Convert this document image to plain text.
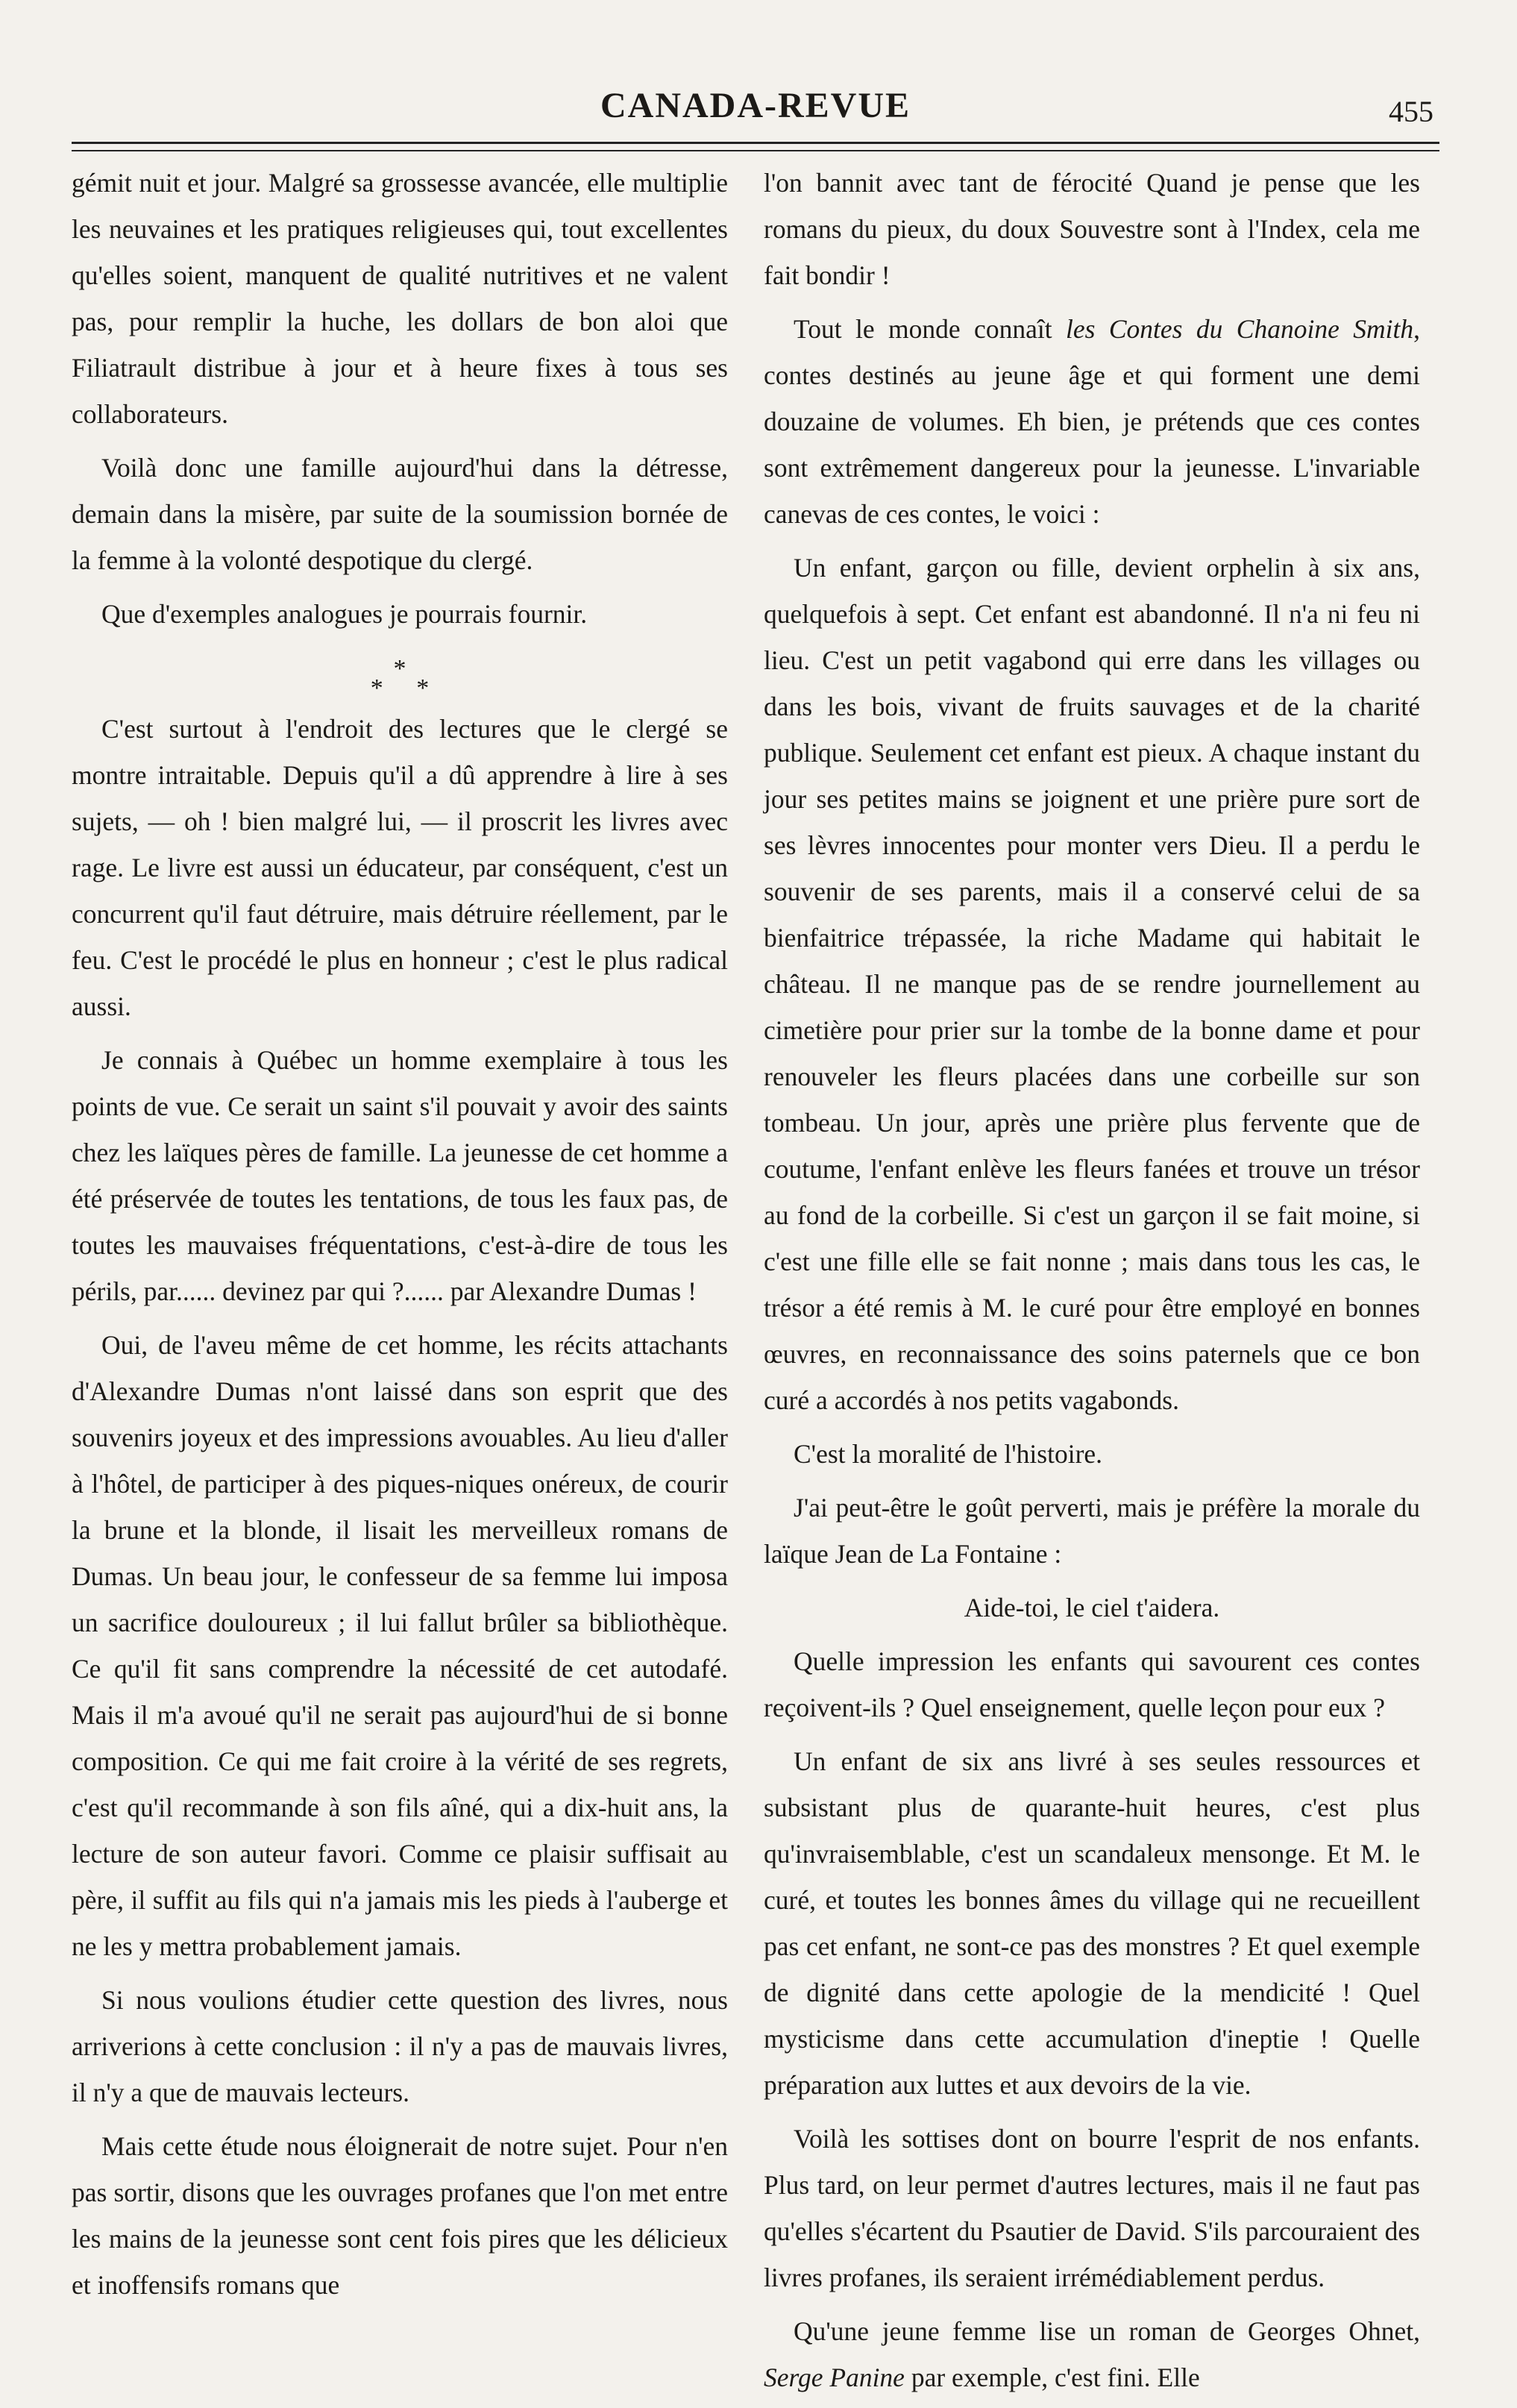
CANADA-REVUE	455

gémit nuit et jour. Malgré sa grossesse avancée, elle multiplie les neuvaines et les pratiques religieuses qui, tout excellentes qu'elles soient, manquent de qualité nutritives et ne valent pas, pour remplir la huche, les dollars de bon aloi que Filiatrault distribue à jour et à heure fixes à tous ses collaborateurs.

Voilà donc une famille aujourd'hui dans la détresse, demain dans la misère, par suite de la soumission bornée de la femme à la volonté despotique du clergé.

Que d'exemples analogues je pourrais fournir.

*
* *

C'est surtout à l'endroit des lectures que le clergé se montre intraitable. Depuis qu'il a dû apprendre à lire à ses sujets, — oh ! bien malgré lui, — il proscrit les livres avec rage. Le livre est aussi un éducateur, par conséquent, c'est un concurrent qu'il faut détruire, mais détruire réellement, par le feu. C'est le procédé le plus en honneur ; c'est le plus radical aussi.

Je connais à Québec un homme exemplaire à tous les points de vue. Ce serait un saint s'il pouvait y avoir des saints chez les laïques pères de famille. La jeunesse de cet homme a été préservée de toutes les tentations, de tous les faux pas, de toutes les mauvaises fréquentations, c'est-à-dire de tous les périls, par...... devinez par qui ?...... par Alexandre Dumas !

Oui, de l'aveu même de cet homme, les récits attachants d'Alexandre Dumas n'ont laissé dans son esprit que des souvenirs joyeux et des impressions avouables. Au lieu d'aller à l'hôtel, de participer à des piques-niques onéreux, de courir la brune et la blonde, il lisait les merveilleux romans de Dumas. Un beau jour, le confesseur de sa femme lui imposa un sacrifice douloureux ; il lui fallut brûler sa bibliothèque. Ce qu'il fit sans comprendre la nécessité de cet autodafé. Mais il m'a avoué qu'il ne serait pas aujourd'hui de si bonne composition. Ce qui me fait croire à la vérité de ses regrets, c'est qu'il recommande à son fils aîné, qui a dix-huit ans, la lecture de son auteur favori. Comme ce plaisir suffisait au père, il suffit au fils qui n'a jamais mis les pieds à l'auberge et ne les y mettra probablement jamais.

Si nous voulions étudier cette question des livres, nous arriverions à cette conclusion : il n'y a pas de mauvais livres, il n'y a que de mauvais lecteurs.

Mais cette étude nous éloignerait de notre sujet. Pour n'en pas sortir, disons que les ouvrages profanes que l'on met entre les mains de la jeunesse sont cent fois pires que les délicieux et inoffensifs romans que

l'on bannit avec tant de férocité Quand je pense que les romans du pieux, du doux Souvestre sont à l'Index, cela me fait bondir !

Tout le monde connaît les Contes du Chanoine Smith, contes destinés au jeune âge et qui forment une demi douzaine de volumes. Eh bien, je prétends que ces contes sont extrêmement dangereux pour la jeunesse. L'invariable canevas de ces contes, le voici :

Un enfant, garçon ou fille, devient orphelin à six ans, quelquefois à sept. Cet enfant est abandonné. Il n'a ni feu ni lieu. C'est un petit vagabond qui erre dans les villages ou dans les bois, vivant de fruits sauvages et de la charité publique. Seulement cet enfant est pieux. A chaque instant du jour ses petites mains se joignent et une prière pure sort de ses lèvres innocentes pour monter vers Dieu. Il a perdu le souvenir de ses parents, mais il a conservé celui de sa bienfaitrice trépassée, la riche Madame qui habitait le château. Il ne manque pas de se rendre journellement au cimetière pour prier sur la tombe de la bonne dame et pour renouveler les fleurs placées dans une corbeille sur son tombeau. Un jour, après une prière plus fervente que de coutume, l'enfant enlève les fleurs fanées et trouve un trésor au fond de la corbeille. Si c'est un garçon il se fait moine, si c'est une fille elle se fait nonne ; mais dans tous les cas, le trésor a été remis à M. le curé pour être employé en bonnes œuvres, en reconnaissance des soins paternels que ce bon curé a accordés à nos petits vagabonds.

C'est la moralité de l'histoire.

J'ai peut-être le goût perverti, mais je préfère la morale du laïque Jean de La Fontaine :

Aide-toi, le ciel t'aidera.

Quelle impression les enfants qui savourent ces contes reçoivent-ils ? Quel enseignement, quelle leçon pour eux ?

Un enfant de six ans livré à ses seules ressources et subsistant plus de quarante-huit heures, c'est plus qu'invraisemblable, c'est un scandaleux mensonge. Et M. le curé, et toutes les bonnes âmes du village qui ne recueillent pas cet enfant, ne sont-ce pas des monstres ? Et quel exemple de dignité dans cette apologie de la mendicité ! Quel mysticisme dans cette accumulation d'ineptie ! Quelle préparation aux luttes et aux devoirs de la vie.

Voilà les sottises dont on bourre l'esprit de nos enfants. Plus tard, on leur permet d'autres lectures, mais il ne faut pas qu'elles s'écartent du Psautier de David. S'ils parcouraient des livres profanes, ils seraient irrémédiablement perdus.

Qu'une jeune femme lise un roman de Georges Ohnet, Serge Panine par exemple, c'est fini. Elle
